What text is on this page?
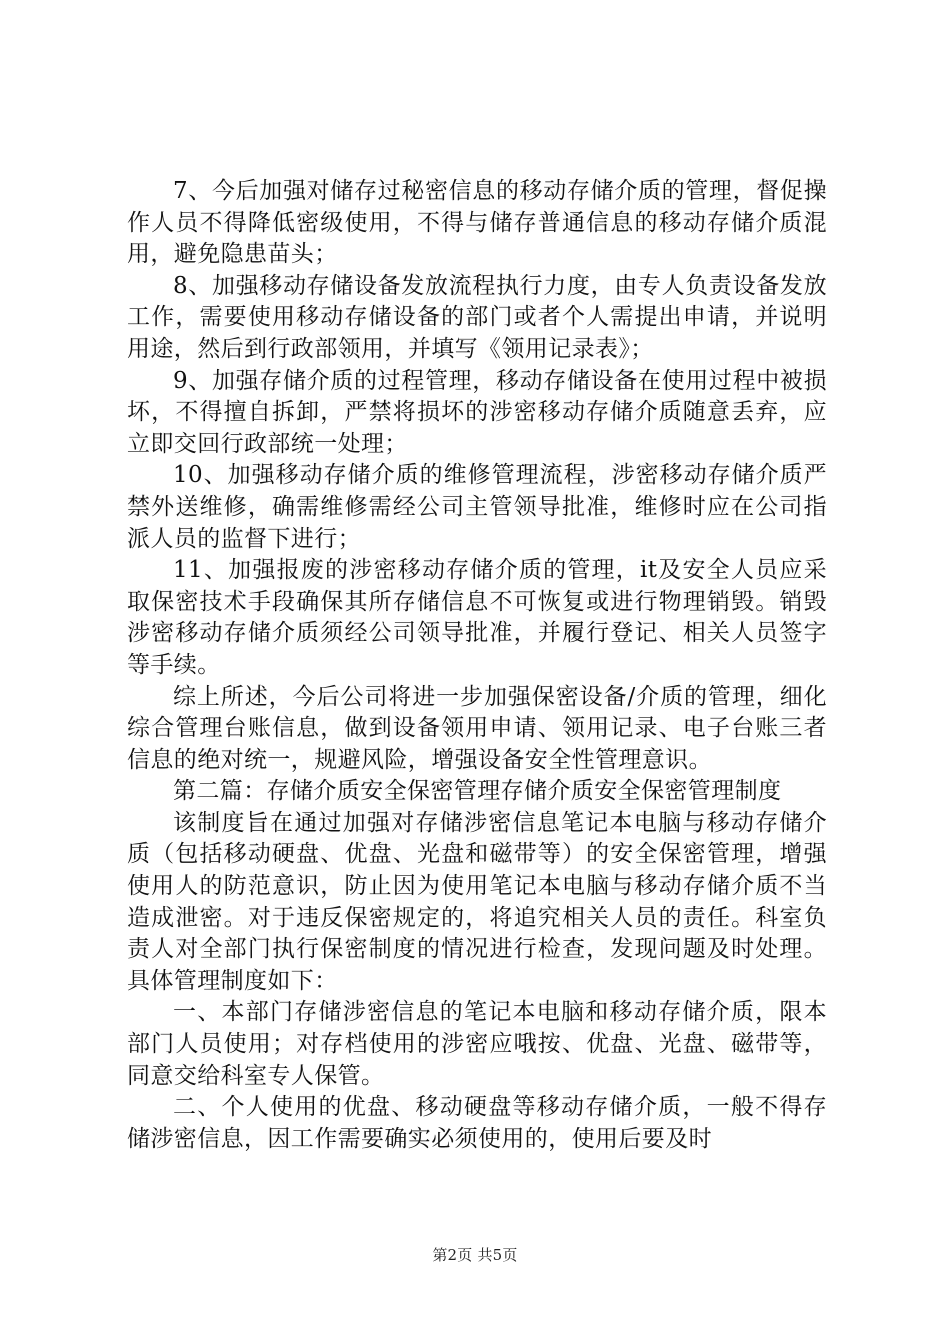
7、今后加强对储存过秘密信息的移动存储介质的管理，督促操作人员不得降低密级使用，不得与储存普通信息的移动存储介质混用，避免隐患苗头；

8、加强移动存储设备发放流程执行力度，由专人负责设备发放工作，需要使用移动存储设备的部门或者个人需提出申请，并说明用途，然后到行政部领用，并填写《领用记录表》；

9、加强存储介质的过程管理，移动存储设备在使用过程中被损坏，不得擅自拆卸，严禁将损坏的涉密移动存储介质随意丢弃，应立即交回行政部统一处理；

10、加强移动存储介质的维修管理流程，涉密移动存储介质严禁外送维修，确需维修需经公司主管领导批准，维修时应在公司指派人员的监督下进行；

11、加强报废的涉密移动存储介质的管理，it及安全人员应采取保密技术手段确保其所存储信息不可恢复或进行物理销毁。销毁涉密移动存储介质须经公司领导批准，并履行登记、相关人员签字等手续。

综上所述，今后公司将进一步加强保密设备/介质的管理，细化综合管理台账信息，做到设备领用申请、领用记录、电子台账三者信息的绝对统一，规避风险，增强设备安全性管理意识。

第二篇：存储介质安全保密管理存储介质安全保密管理制度

该制度旨在通过加强对存储涉密信息笔记本电脑与移动存储介质（包括移动硬盘、优盘、光盘和磁带等）的安全保密管理，增强使用人的防范意识，防止因为使用笔记本电脑与移动存储介质不当造成泄密。对于违反保密规定的，将追究相关人员的责任。科室负责人对全部门执行保密制度的情况进行检查，发现问题及时处理。具体管理制度如下：

一、本部门存储涉密信息的笔记本电脑和移动存储介质，限本部门人员使用；对存档使用的涉密应哦按、优盘、光盘、磁带等，同意交给科室专人保管。

二、个人使用的优盘、移动硬盘等移动存储介质，一般不得存储涉密信息，因工作需要确实必须使用的，使用后要及时

第2页 共5页
